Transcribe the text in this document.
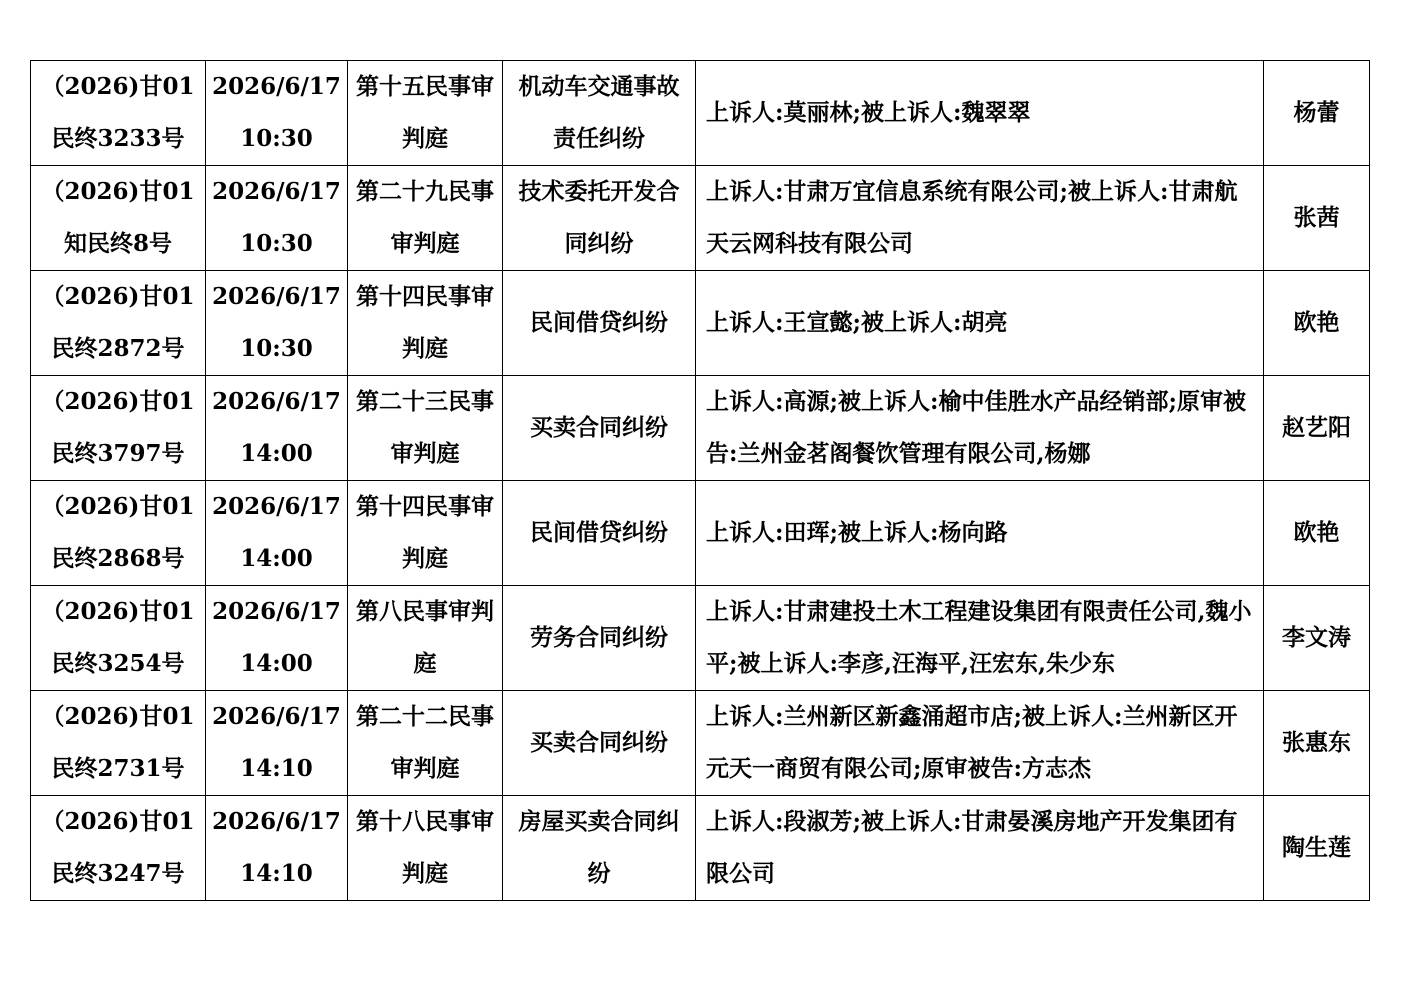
（2026)甘01民终3233号	2026/6/17 10:30	第十五民事审判庭	机动车交通事故责任纠纷	上诉人:莫丽林;被上诉人:魏翠翠	杨蕾

（2026)甘01知民终8号	2026/6/17 10:30	第二十九民事审判庭	技术委托开发合同纠纷	上诉人:甘肃万宜信息系统有限公司;被上诉人:甘肃航天云网科技有限公司	张茜

（2026)甘01民终2872号	2026/6/17 10:30	第十四民事审判庭	民间借贷纠纷	上诉人:王宣懿;被上诉人:胡亮	欧艳

（2026)甘01民终3797号	2026/6/17 14:00	第二十三民事审判庭	买卖合同纠纷	上诉人:高源;被上诉人:榆中佳胜水产品经销部;原审被告:兰州金茗阁餐饮管理有限公司,杨娜	赵艺阳

（2026)甘01民终2868号	2026/6/17 14:00	第十四民事审判庭	民间借贷纠纷	上诉人:田珲;被上诉人:杨向路	欧艳

（2026)甘01民终3254号	2026/6/17 14:00	第八民事审判庭	劳务合同纠纷	上诉人:甘肃建投土木工程建设集团有限责任公司,魏小平;被上诉人:李彦,汪海平,汪宏东,朱少东	李文涛

（2026)甘01民终2731号	2026/6/17 14:10	第二十二民事审判庭	买卖合同纠纷	上诉人:兰州新区新鑫涌超市店;被上诉人:兰州新区开元天一商贸有限公司;原审被告:方志杰	张惠东

（2026)甘01民终3247号	2026/6/17 14:10	第十八民事审判庭	房屋买卖合同纠纷	上诉人:段淑芳;被上诉人:甘肃晏溪房地产开发集团有限公司	陶生莲
